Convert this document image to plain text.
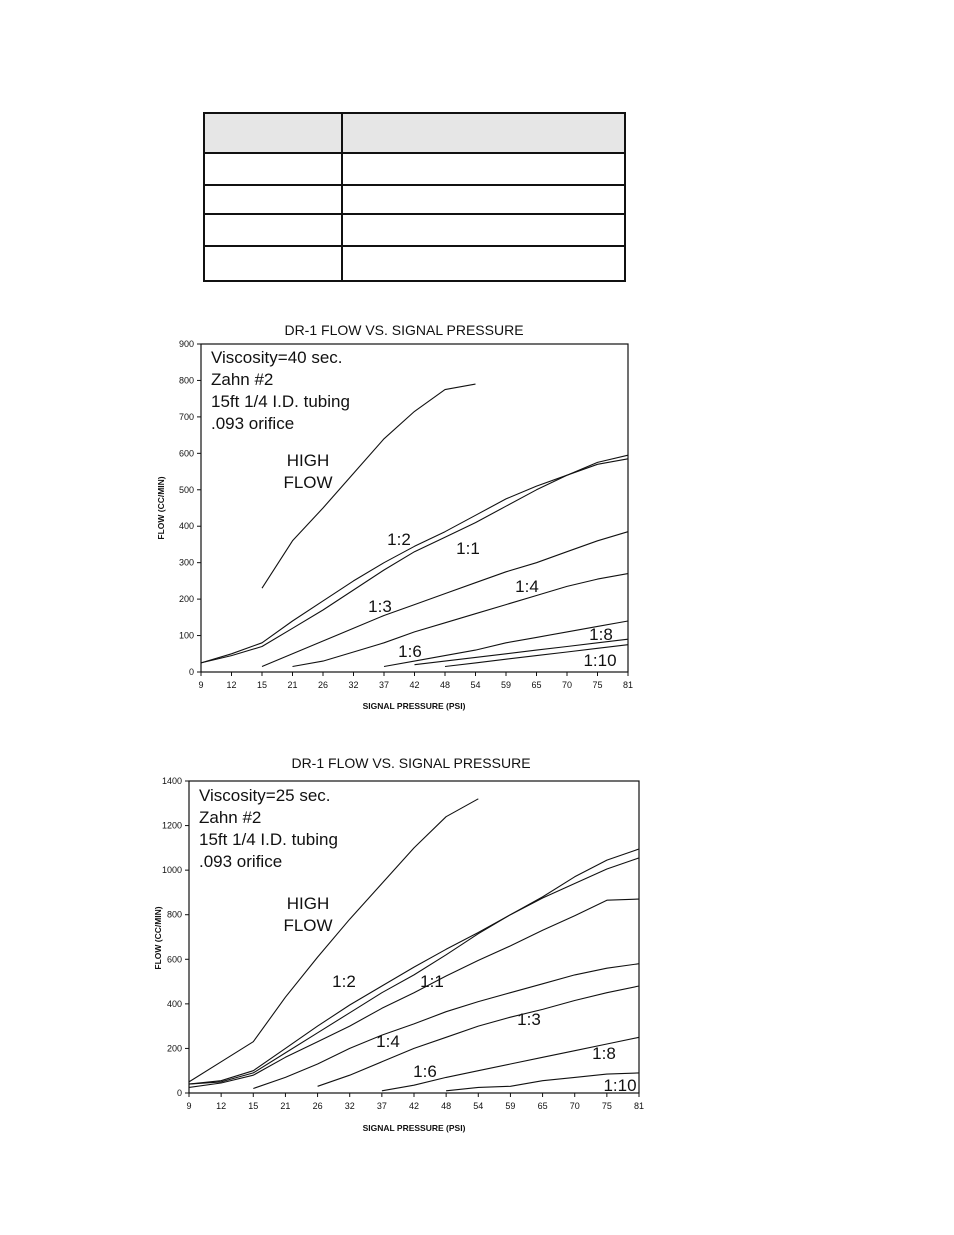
DR-1 FLOW VS. SIGNAL PRESSURE
9	12 15 21 26 32 37 42 48 54 59 65 70 75 81
0
100
200
300
400
500
600
700
800
900
SIGNAL PRESSURE (PSI)
FLOW (CC/MIN)
Viscosity=40 sec.
Zahn #2
15ft 1/4 I.D. tubing
.093 orifice
HIGH
FLOW
1:2	1:1
1:4
1:3
1:6
1:8
1:10
DR-1 FLOW VS. SIGNAL PRESSURE
9	12 15 21 26 32 37 42 48 54 59 65 70 75 81
0
200
400
600
800
1000
1200
1400
SIGNAL PRESSURE (PSI)
FLOW (CC/MIN)
Viscosity=25 sec.
Zahn #2
15ft 1/4 I.D. tubing
.093 orifice
HIGH
FLOW
1:2	1:1
1:3
1:4
1:6
1:8
1:10
